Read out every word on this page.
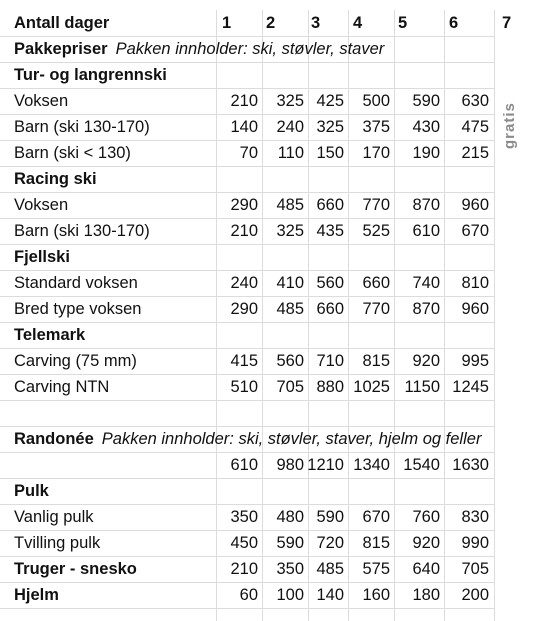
Antall dager	1 2 3 4 5	6	7
Pakkepriser Pakken innholder: ski, støvler, staver
Tur- og langrennski
Voksen	210 325 425 500 590 630
Barn (ski 130-170)	140 240 325 375 430 475
Barn (ski < 130)	70 110 150 170 190 215
Racing ski
Voksen	290 485 660 770 870 960
Barn (ski 130-170)	210 325 435 525 610 670
Fjellski
Standard voksen	240 410 560 660 740 810
Bred type voksen	290 485 660 770 870 960
Telemark
Carving (75 mm)	415 560 710 815 920 995
Carving NTN	510 705 880 1025 1150 1245
Randonée Pakken innholder: ski, støvler, staver, hjelm og feller
610 980 1210 1340 1540 1630
Pulk
Vanlig pulk	350 480 590 670 760 830
Tvilling pulk	450 590 720 815 920 990
Truger - snesko	210 350 485 575 640 705
Hjelm	60 100 140 160 180 200
gratis
